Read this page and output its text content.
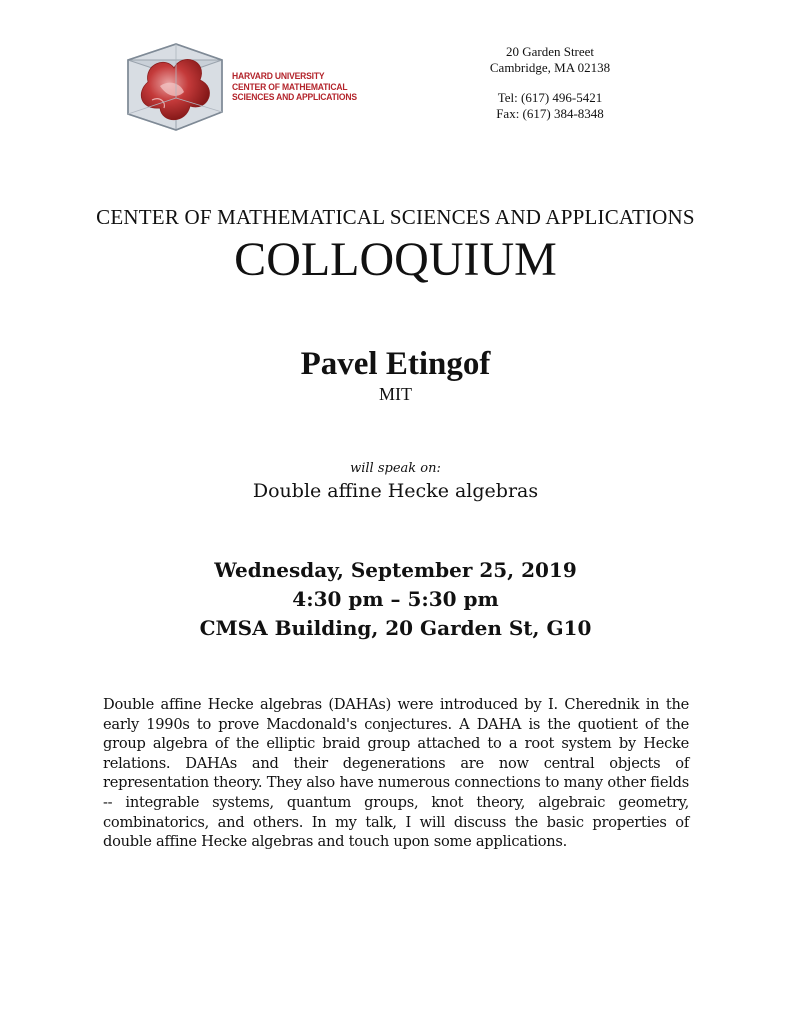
HARVARD UNIVERSITY
CENTER OF MATHEMATICAL
SCIENCES AND APPLICATIONS
20 Garden Street
Cambridge, MA 02138
Tel: (617) 496-5421
Fax: (617) 384-8348
CENTER OF MATHEMATICAL SCIENCES AND APPLICATIONS
COLLOQUIUM
Pavel Etingof
MIT
will speak on:
Double affine Hecke algebras
Wednesday, September 25, 2019
4:30 pm – 5:30 pm
CMSA Building, 20 Garden St, G10
Double affine Hecke algebras (DAHAs) were introduced by I. Cherednik in the early 1990s to prove Macdonald's conjectures. A DAHA is the quotient of the group algebra of the elliptic braid group attached to a root system by Hecke relations. DAHAs and their degenerations are now central objects of representation theory. They also have numerous connections to many other fields -- integrable systems, quantum groups, knot theory, algebraic geometry, combinatorics, and others. In my talk, I will discuss the basic properties of double affine Hecke algebras and touch upon some applications.
